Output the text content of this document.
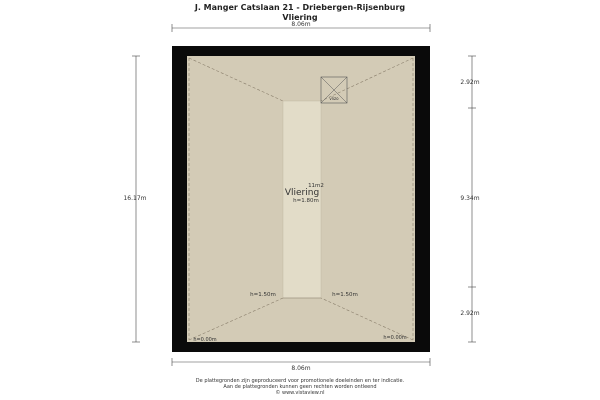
J. Manger Catslaan 21 - Driebergen-Rijsenburg
Vliering
8.06m
16.17m
2.92m
9.34m
2.92m
vlizo
11m2
Vliering
h=1.80m
h=1.50m	h=1.50m
h=0.00m	h=0.00m
8.06m
De plattegronden zijn geproduceerd voor promotionele doeleinden en ter indicatie.
Aan de plattegronden kunnen geen rechten worden ontleend
© www.vistaview.nl
